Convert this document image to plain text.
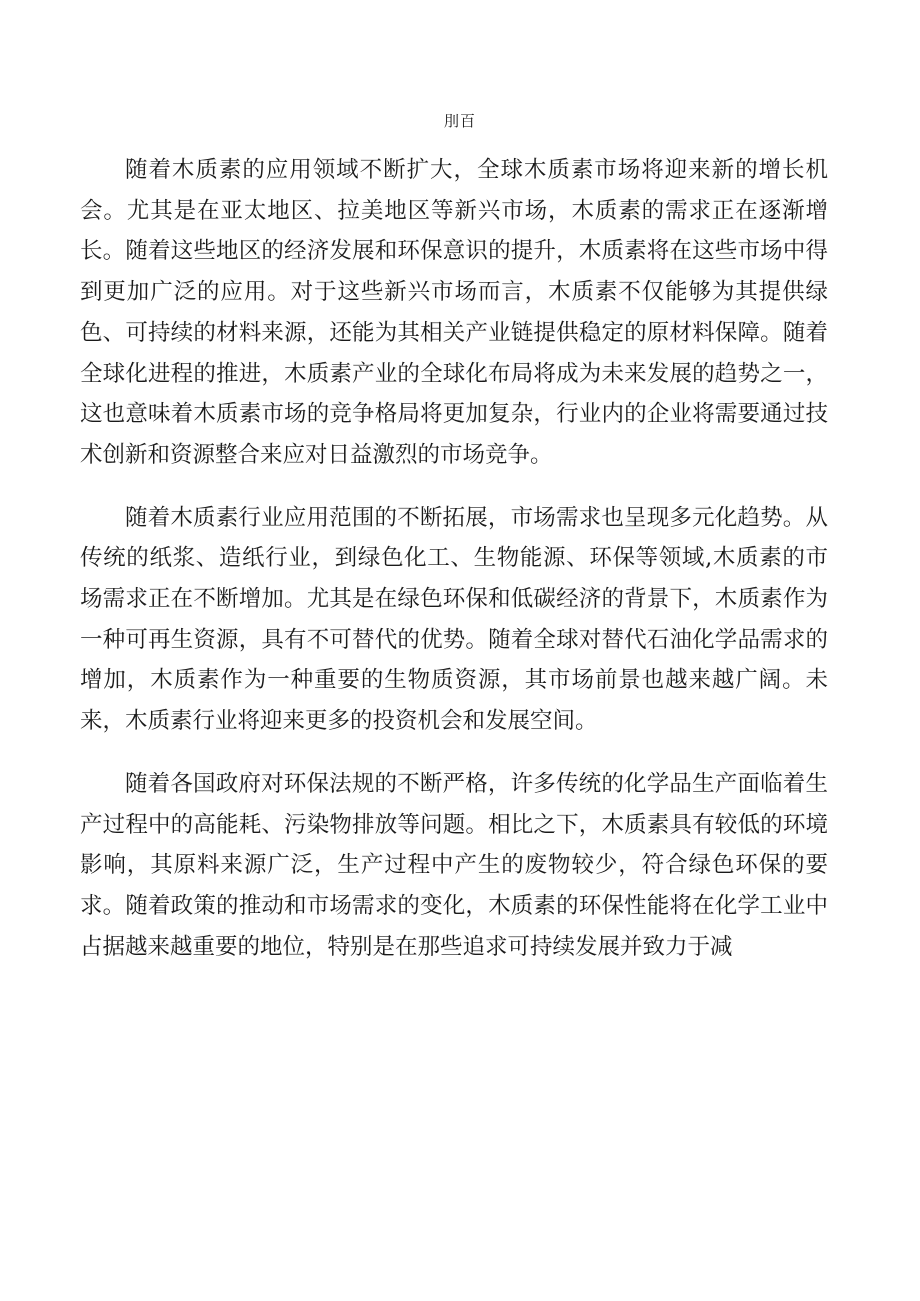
刖百

随着木质素的应用领域不断扩大，全球木质素市场将迎来新的增长机会。尤其是在亚太地区、拉美地区等新兴市场，木质素的需求正在逐渐增长。随着这些地区的经济发展和环保意识的提升，木质素将在这些市场中得到更加广泛的应用。对于这些新兴市场而言，木质素不仅能够为其提供绿色、可持续的材料来源，还能为其相关产业链提供稳定的原材料保障。随着全球化进程的推进，木质素产业的全球化布局将成为未来发展的趋势之一，这也意味着木质素市场的竞争格局将更加复杂，行业内的企业将需要通过技术创新和资源整合来应对日益激烈的市场竞争。

随着木质素行业应用范围的不断拓展，市场需求也呈现多元化趋势。从传统的纸浆、造纸行业，到绿色化工、生物能源、环保等领域,木质素的市场需求正在不断增加。尤其是在绿色环保和低碳经济的背景下，木质素作为一种可再生资源，具有不可替代的优势。随着全球对替代石油化学品需求的增加，木质素作为一种重要的生物质资源，其市场前景也越来越广阔。未来，木质素行业将迎来更多的投资机会和发展空间。

随着各国政府对环保法规的不断严格，许多传统的化学品生产面临着生产过程中的高能耗、污染物排放等问题。相比之下，木质素具有较低的环境影响，其原料来源广泛，生产过程中产生的废物较少，符合绿色环保的要求。随着政策的推动和市场需求的变化，木质素的环保性能将在化学工业中占据越来越重要的地位，特别是在那些追求可持续发展并致力于减
